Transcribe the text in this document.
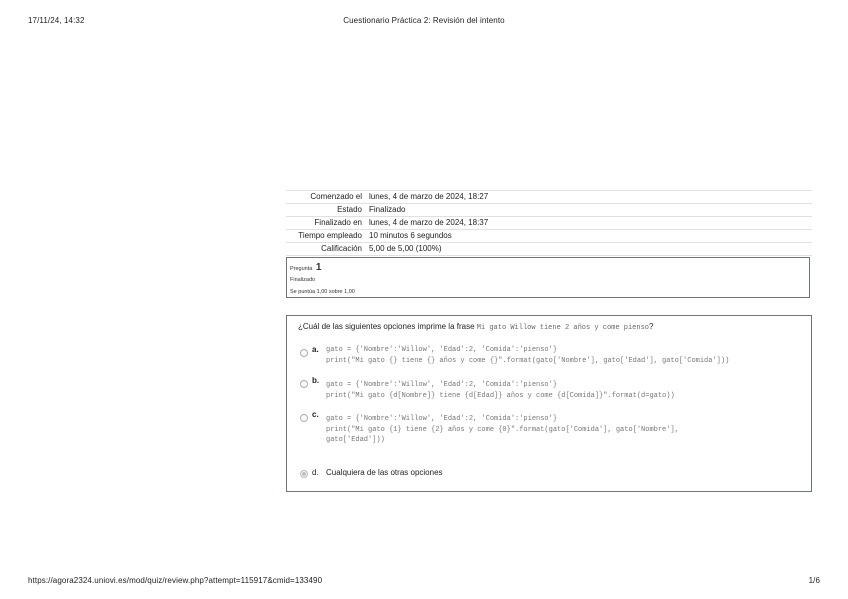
17/11/24, 14:32	Cuestionario Práctica 2: Revisión del intento
Comenzado el lunes, 4 de marzo de 2024, 18:27
Estado Finalizado
Finalizado en lunes, 4 de marzo de 2024, 18:37
Tiempo empleado 10 minutos 6 segundos
Calificación 5,00 de 5,00 (100%)
Pregunta 1
Finalizado
Se puntúa 1,00 sobre 1,00
¿Cuál de las siguientes opciones imprime la frase Mi gato Willow tiene 2 años y come pienso?
a. gato = {'Nombre':'Willow', 'Edad':2, 'Comida':'pienso'}
print("Mi gato {} tiene {} años y come {}".format(gato['Nombre'], gato['Edad'], gato['Comida']))
b. gato = {'Nombre':'Willow', 'Edad':2, 'Comida':'pienso'}
print("Mi gato {d[Nombre]} tiene {d[Edad]} años y come {d[Comida]}".format(d=gato))
c. gato = {'Nombre':'Willow', 'Edad':2, 'Comida':'pienso'}
print("Mi gato {1} tiene {2} años y come {0}".format(gato['Comida'], gato['Nombre'],
gato['Edad']))
d. Cualquiera de las otras opciones
https://agora2324.uniovi.es/mod/quiz/review.php?attempt=115917&cmid=133490	1/6
